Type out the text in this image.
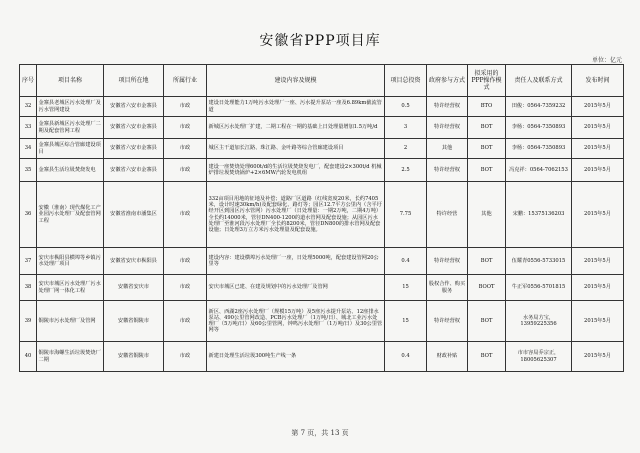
安徽省PPP项目库
单位：亿元
序号	项目名称	项目所在地	所属行业	建设内容及规模	项目总投资	政府参与方式	拟采用的PPP操作模式	责任人及联系方式	发布时间
32	金寨县老城区污水处理厂及污水管网建设	安徽省六安市金寨县	市政	建设日处理能力1万吨污水处理厂一座、污水提升泵站一座及6.89km截流管道	0.5	特许经营权	BTO	田俊：0564-7359232	2015年5月
33	金寨县新城区污水处理厂二期及配套管网工程	安徽省六安市金寨县	市政	新城区污水处理厂扩建，二期工程在一期的基础上日处理量增加1.5万吨/d	3	特许经营权	BOT	李杨：0564-7350893	2015年5月
34	金寨县城区综合管廊建设项目	安徽省六安市金寨县	市政	城区主干道加长江路、珠江路、金叶路等综合管廊建设项目	2	其他	BOT	李杨：0564-7350893	2015年5月
35	金寨县生活垃圾焚烧发电	安徽省六安市金寨县	市政	建设一座焚烧处理600t/d的生活垃圾焚烧发电厂，配套建设2×300t/d 机械炉排垃圾焚烧锅炉+2×6MW汽轮发电机组	2.5	特许经营权	BOT	冯克祥：0564-7062153	2015年5月
36	安徽（淮南）现代煤化工产业园污水处理厂及配套管网工程	安徽省淮南市潘集区	市政	332亩项目用地的征地及补偿；道路厂区道路（红线宽度20米，长约7405米，设计时速30km/h)及配套绿化、路灯等；园区12.7平方公里内（含平圩经开区到园区污水管网）污水处理厂（日处理量：一期2万吨，二期4万吨）全长约14000米，管径DN400-1200的道水管网及配套设施；从园区污水处理厂至淮河段污水处理厂全长约8200米，管径DN800的排水管网及配套设施；日处理3万立方米污水处理量及配套设施。	7.75	特许经营	其他	宋鹏：15375136203	2015年5月
37	安庆市枞阳县横埠等乡镇污水处理厂项目	安徽省安庆市枞阳县	市政	建设内容：建设横埠污水处理厂一座，日处理5000吨，配套建设管网20公里等	0.4	特许经营权	BOT	伍耀青0556-5733015	2015年5月
38	安庆市城区污水处理厂污水处理厂网一体化工程	安徽省安庆市	市政	安庆市城区已建、在建及规划中的污水处理厂及管网	15	股权合作、购买服务	BOOT	牛正军0556-5701815	2015年5月
39	铜陵市污水处理厂及管网	安徽省铜陵市	市政	新区、西湖2座污水处理厂（规模15万吨）及5座污水提升泵站、12座排水泵站、490公里管网改造、PCB污水处理厂（1万吨/日）、城北工业污水处理厂（5万吨/日）及60公里管网，钟鸣污水处理厂（1万吨/日）及30公里管网等	15	特许经营权	BOT	水务局方宝，13959225356	2015年5月
40	铜陵市海螺生活垃圾焚烧厂二期	安徽省铜陵市	市政	新建日处理生活垃圾300吨生产线一条	0.4	财政补贴	BOT	市市容局乔宗正，18005625307	2015年5月
第 7 页，共 13 页
